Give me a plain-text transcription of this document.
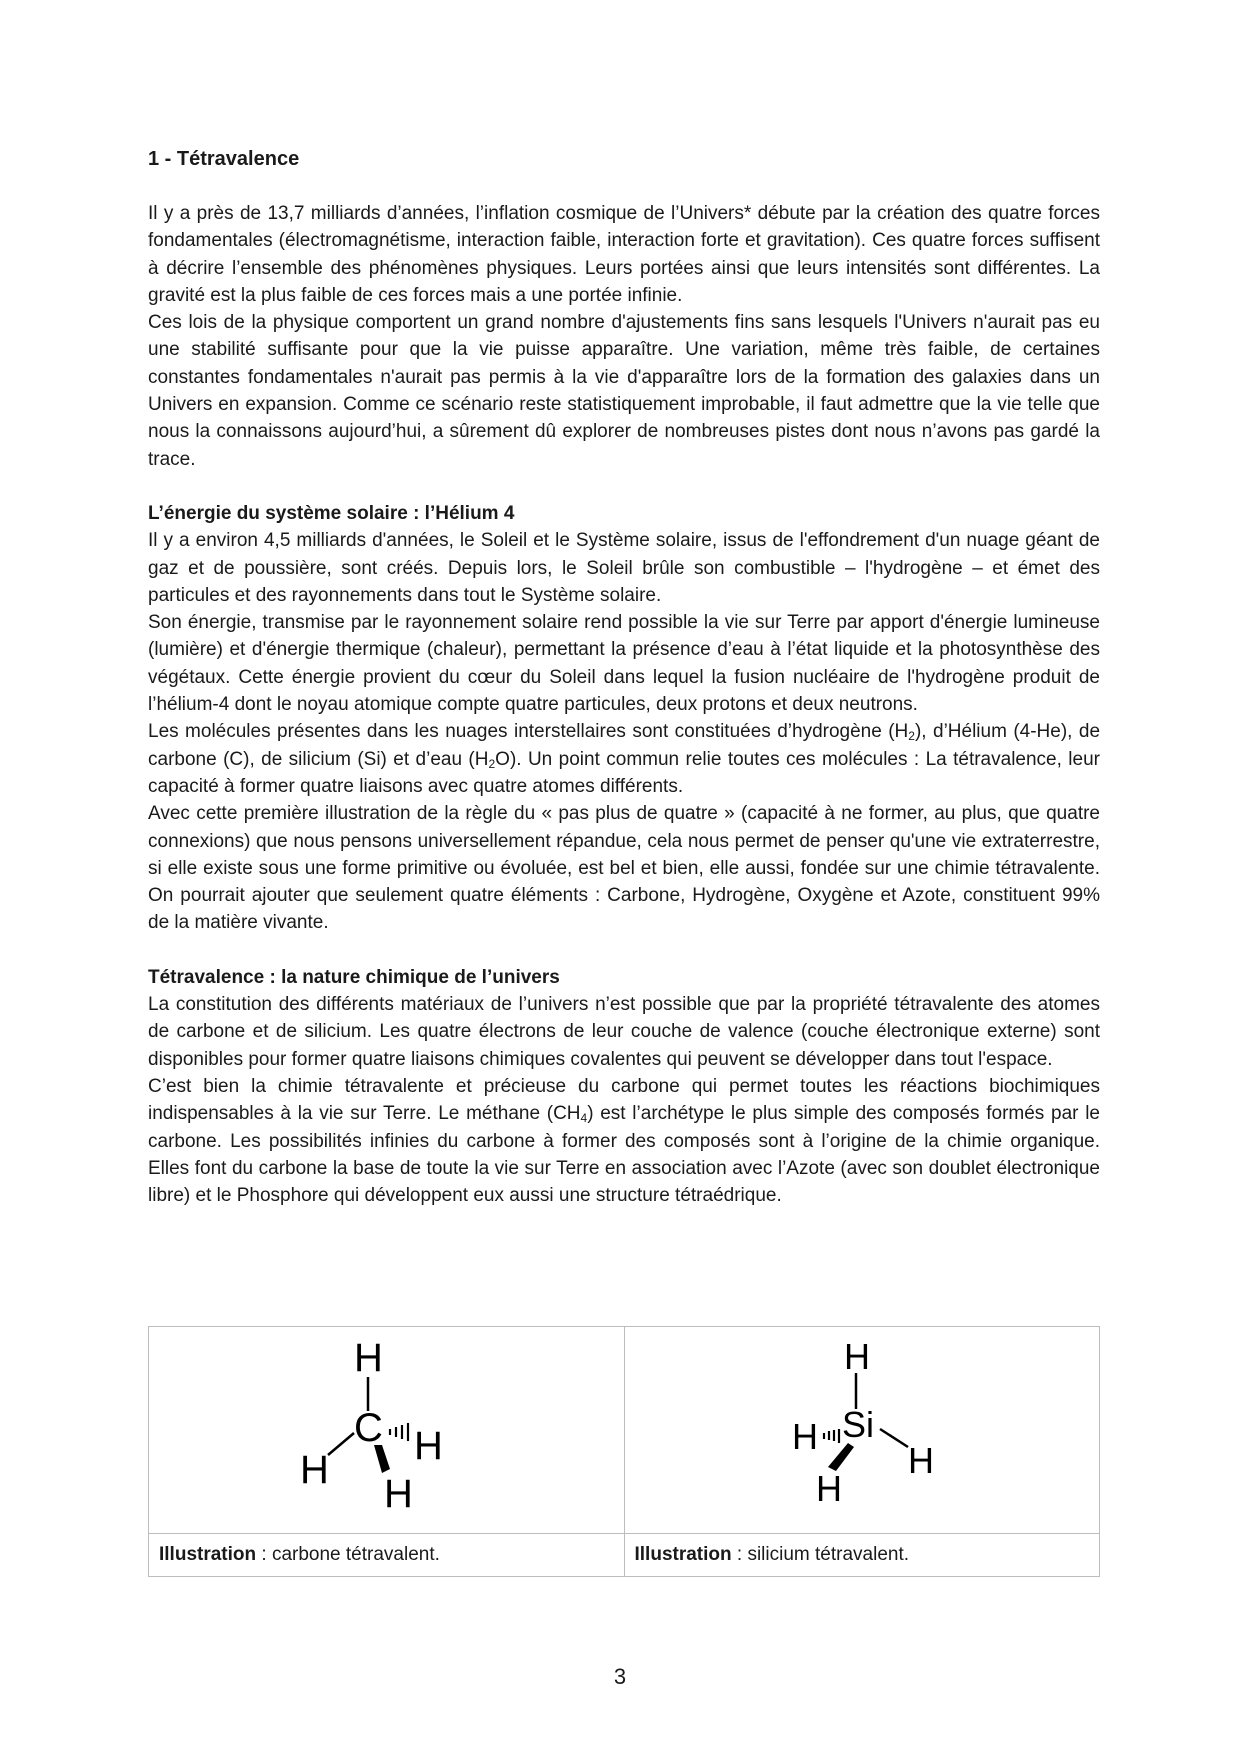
1 - Tétravalence

Il y a près de 13,7 milliards d’années, l’inflation cosmique de l’Univers* débute par la création des quatre forces fondamentales (électromagnétisme, interaction faible, interaction forte et gravitation). Ces quatre forces suffisent à décrire l’ensemble des phénomènes physiques. Leurs portées ainsi que leurs intensités sont différentes. La gravité est la plus faible de ces forces mais a une portée infinie.

Ces lois de la physique comportent un grand nombre d'ajustements fins sans lesquels l'Univers n'aurait pas eu une stabilité suffisante pour que la vie puisse apparaître. Une variation, même très faible, de certaines constantes fondamentales n'aurait pas permis à la vie d'apparaître lors de la formation des galaxies dans un Univers en expansion. Comme ce scénario reste statistiquement improbable, il faut admettre que la vie telle que nous la connaissons aujourd’hui, a sûrement dû explorer de nombreuses pistes dont nous n’avons pas gardé la trace.

L’énergie du système solaire : l’Hélium 4

Il y a environ 4,5 milliards d'années, le Soleil et le Système solaire, issus de l'effondrement d'un nuage géant de gaz et de poussière, sont créés. Depuis lors, le Soleil brûle son combustible – l'hydrogène – et émet des particules et des rayonnements dans tout le Système solaire.

Son énergie, transmise par le rayonnement solaire rend possible la vie sur Terre par apport d'énergie lumineuse (lumière) et d'énergie thermique (chaleur), permettant la présence d’eau à l’état liquide et la photosynthèse des végétaux. Cette énergie provient du cœur du Soleil dans lequel la fusion nucléaire de l'hydrogène produit de l’hélium-4 dont le noyau atomique compte quatre particules, deux protons et deux neutrons.

Les molécules présentes dans les nuages interstellaires sont constituées d’hydrogène $(H_2)$, d’Hélium (4-He), de carbone (C), de silicium (Si) et d’eau $(H_2O)$. Un point commun relie toutes ces molécules : La tétravalence, leur capacité à former quatre liaisons avec quatre atomes différents.

Avec cette première illustration de la règle du « pas plus de quatre » (capacité à ne former, au plus, que quatre connexions) que nous pensons universellement répandue, cela nous permet de penser qu'une vie extraterrestre, si elle existe sous une forme primitive ou évoluée, est bel et bien, elle aussi, fondée sur une chimie tétravalente. On pourrait ajouter que seulement quatre éléments : Carbone, Hydrogène, Oxygène et Azote, constituent 99% de la matière vivante.

Tétravalence : la nature chimique de l’univers

La constitution des différents matériaux de l’univers n’est possible que par la propriété tétravalente des atomes de carbone et de silicium. Les quatre électrons de leur couche de valence (couche électronique externe) sont disponibles pour former quatre liaisons chimiques covalentes qui peuvent se développer dans tout l'espace.

C’est bien la chimie tétravalente et précieuse du carbone qui permet toutes les réactions biochimiques indispensables à la vie sur Terre. Le méthane $(CH_4)$ est l’archétype le plus simple des composés formés par le carbone. Les possibilités infinies du carbone à former des composés sont à l’origine de la chimie organique. Elles font du carbone la base de toute la vie sur Terre en association avec l’Azote (avec son doublet électronique libre) et le Phosphore qui développent eux aussi une structure tétraédrique.

C
H
H
H
H	Si
H
H
H
H

Illustration : carbone tétravalent.	Illustration : silicium tétravalent.
3
